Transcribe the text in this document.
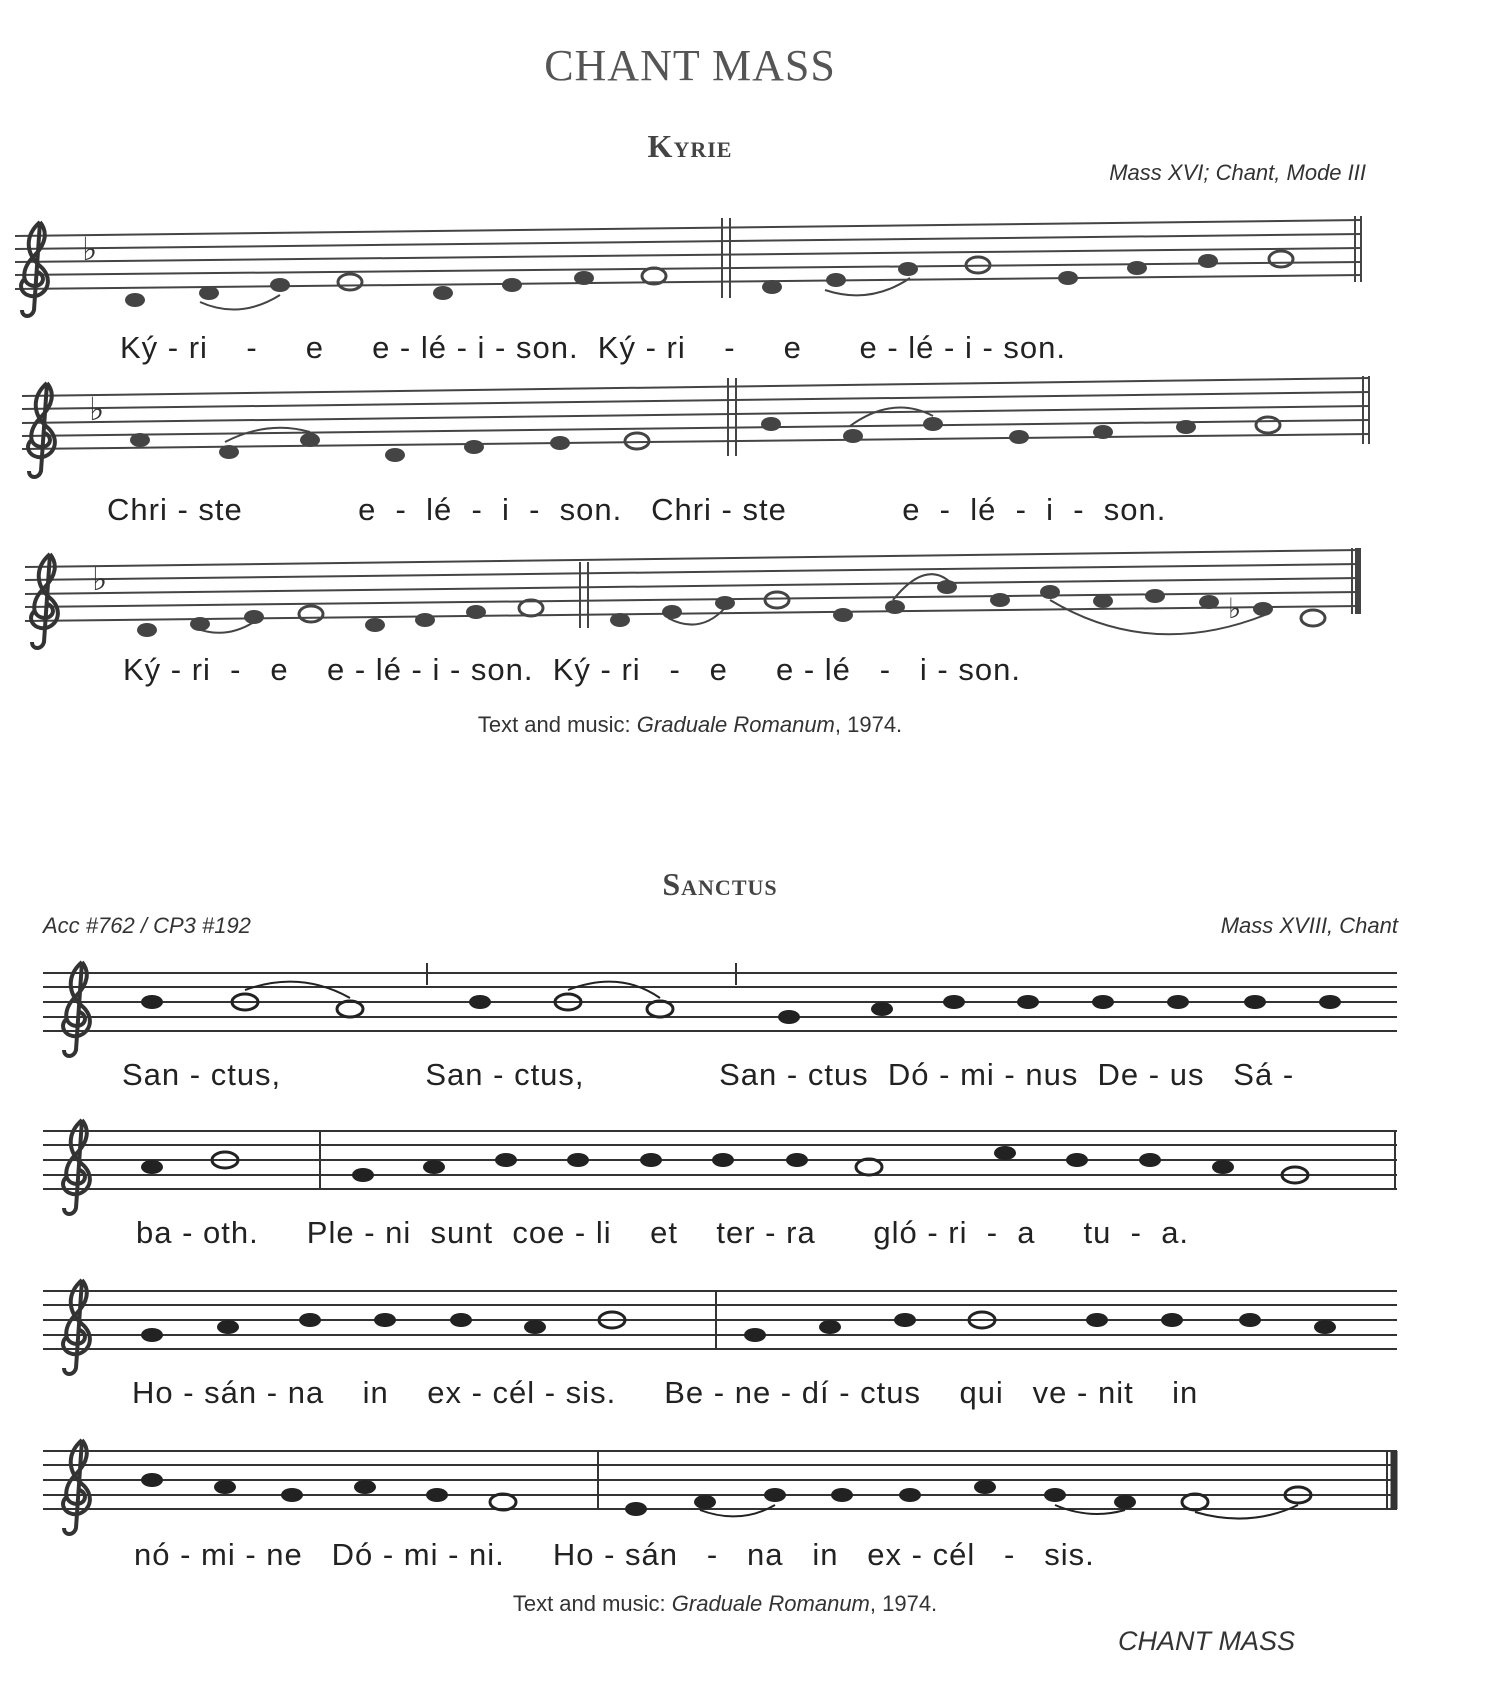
CHANT MASS
Kyrie
Mass XVI; Chant, Mode III
♭
♭
♭
♭
Ký - ri    -     e     e - lé - i - son.  Ký - ri    -     e      e - lé - i - son.
Chri - ste            e  -  lé  -  i  -  son.   Chri - ste            e  -  lé  -  i  -  son.
Ký - ri  -   e    e - lé - i - son.  Ký - ri   -   e     e - lé   -   i - son.
Text and music: Graduale Romanum, 1974.
Sanctus
Acc #762 / CP3 #192	Mass XVIII, Chant
San - ctus,               San - ctus,              San - ctus  Dó - mi - nus  De - us   Sá -
ba - oth.     Ple - ni  sunt  coe - li    et    ter - ra      gló - ri  -  a     tu  -  a.
Ho - sán - na    in    ex - cél - sis.     Be - ne - dí - ctus    qui   ve - nit    in
nó - mi - ne   Dó - mi - ni.     Ho - sán   -   na   in   ex - cél   -   sis.
Text and music: Graduale Romanum, 1974.
CHANT MASS
